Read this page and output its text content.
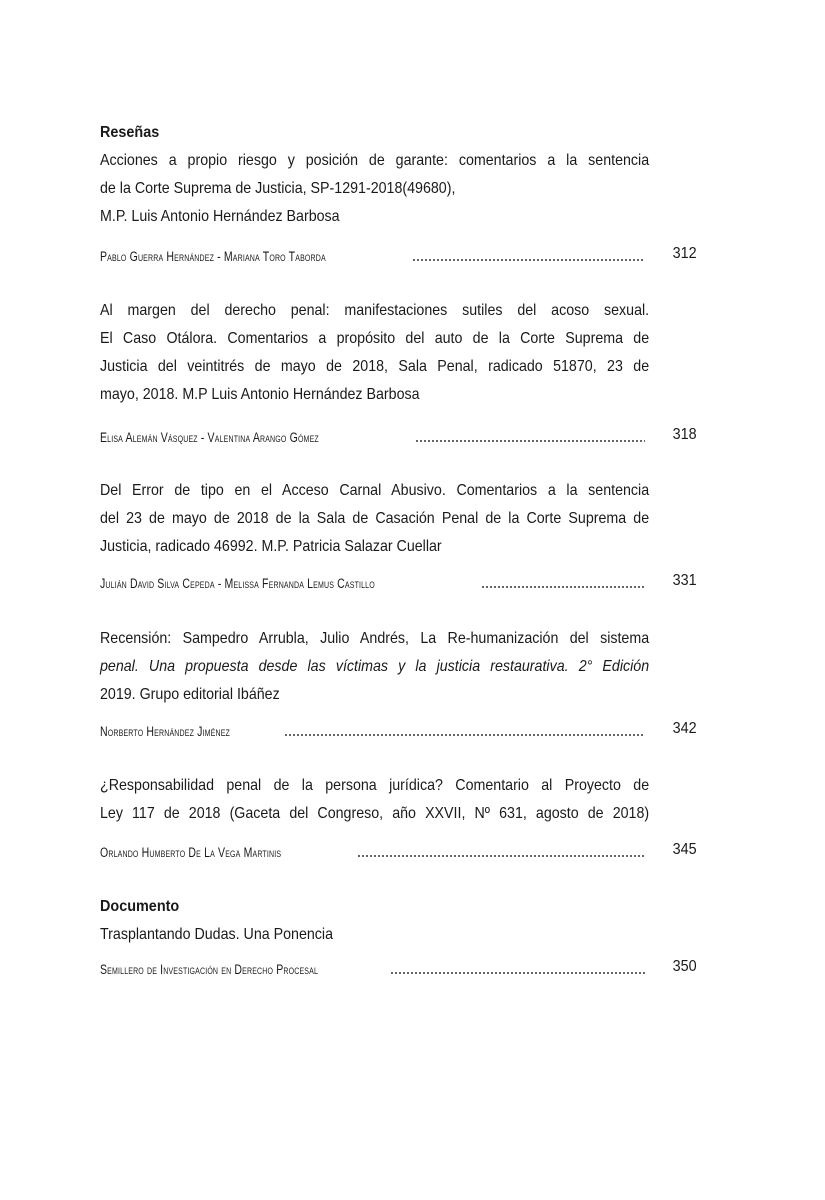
Reseñas
Acciones a propio riesgo y posición de garante: comentarios a la sentencia
de la Corte Suprema de Justicia, SP-1291-2018(49680),
M.P. Luis Antonio Hernández Barbosa
Pablo Guerra Hernández - Mariana Toro Taborda	312
Al margen del derecho penal: manifestaciones sutiles del acoso sexual.
El Caso Otálora. Comentarios a propósito del auto de la Corte Suprema de
Justicia del veintitrés de mayo de 2018, Sala Penal, radicado 51870, 23 de
mayo, 2018. M.P Luis Antonio Hernández Barbosa
Elisa Alemán Vásquez - Valentina Arango Gómez	318
Del Error de tipo en el Acceso Carnal Abusivo. Comentarios a la sentencia
del 23 de mayo de 2018 de la Sala de Casación Penal de la Corte Suprema de
Justicia, radicado 46992. M.P. Patricia Salazar Cuellar
Julián David Silva Cepeda - Melissa Fernanda Lemus Castillo	331
Recensión: Sampedro Arrubla, Julio Andrés, La Re-humanización del sistema
penal. Una propuesta desde las víctimas y la justicia restaurativa. 2° Edición
2019. Grupo editorial Ibáñez
Norberto Hernández Jiménez	342
¿Responsabilidad penal de la persona jurídica? Comentario al Proyecto de
Ley 117 de 2018 (Gaceta del Congreso, año XXVII, Nº 631, agosto de 2018)
Orlando Humberto De La Vega Martinis	345
Documento
Trasplantando Dudas. Una Ponencia
Semillero de Investigación en Derecho Procesal	350
